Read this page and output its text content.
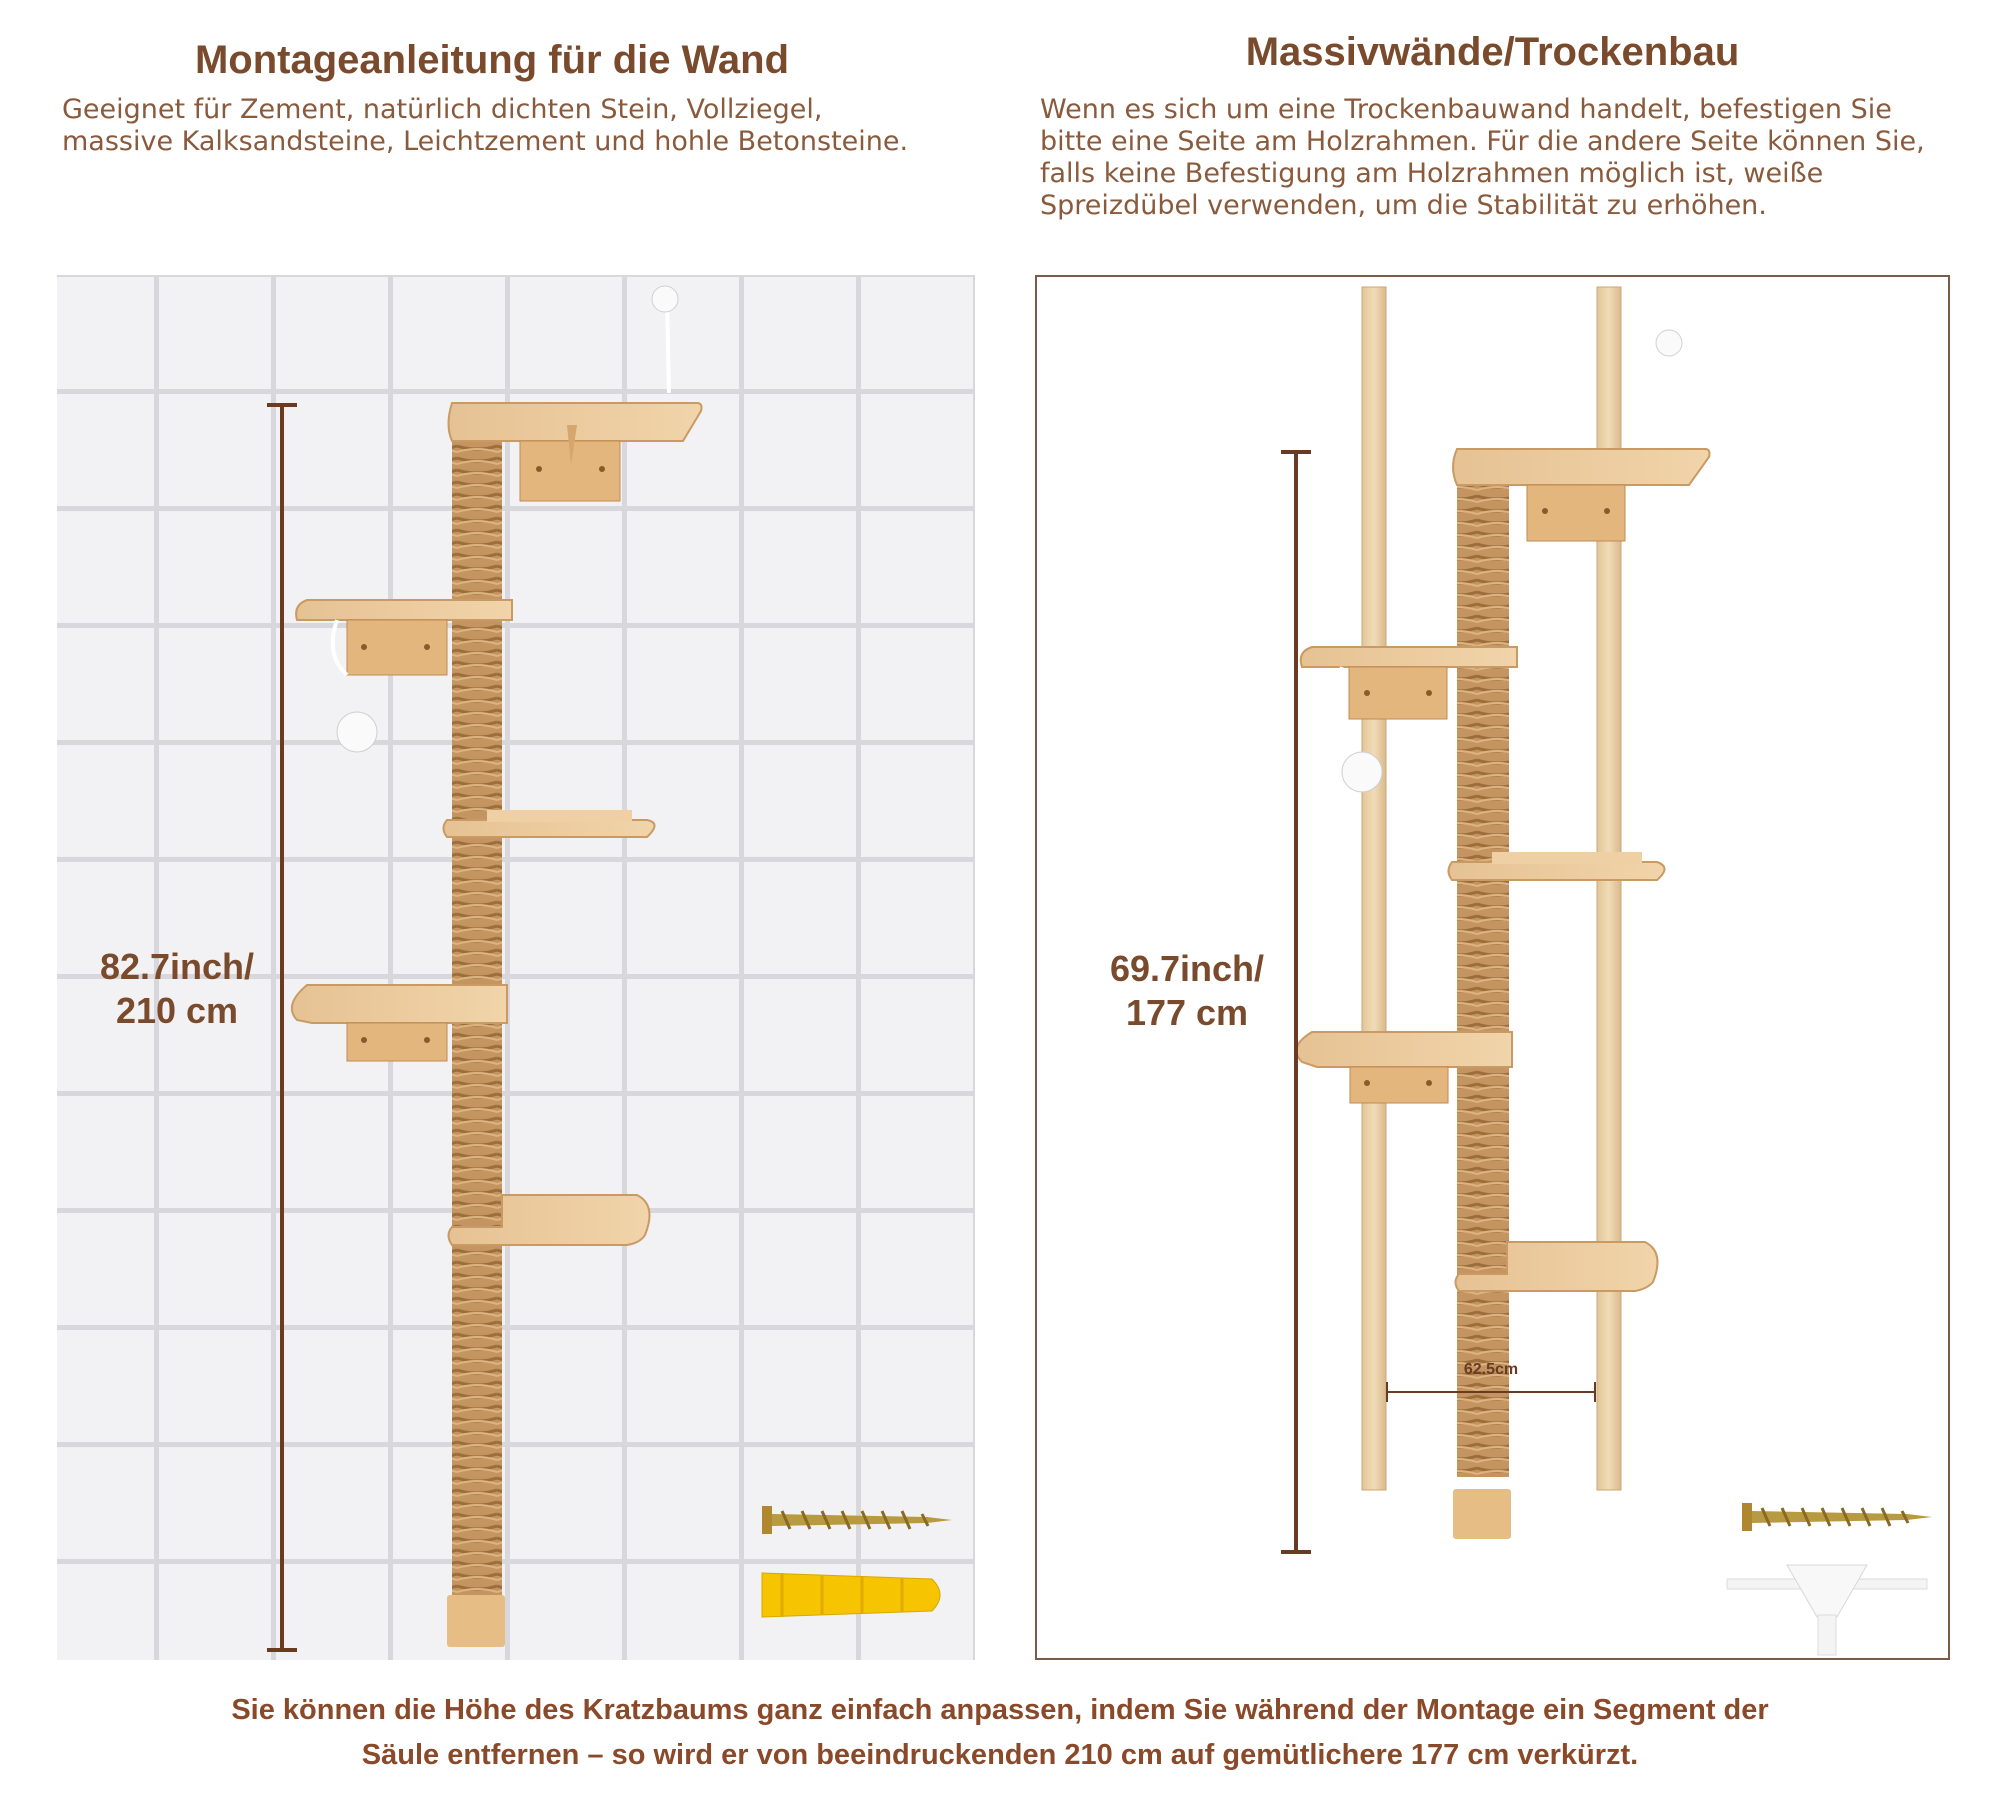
Montageanleitung für die Wand	Massivwände/Trockenbau
Geeignet für Zement, natürlich dichten Stein, Vollziegel, massive Kalksandsteine, Leichtzement und hohle Betonsteine.
Wenn es sich um eine Trockenbauwand handelt, befestigen Sie bitte eine Seite am Holzrahmen. Für die andere Seite können Sie, falls keine Befestigung am Holzrahmen möglich ist, weiße Spreizdübel verwenden, um die Stabilität zu erhöhen.
82.7inch/
210 cm
62.5cm
69.7inch/
177 cm
Sie können die Höhe des Kratzbaums ganz einfach anpassen, indem Sie während der Montage ein Segment der
Säule entfernen – so wird er von beeindruckenden 210 cm auf gemütlichere 177 cm verkürzt.
